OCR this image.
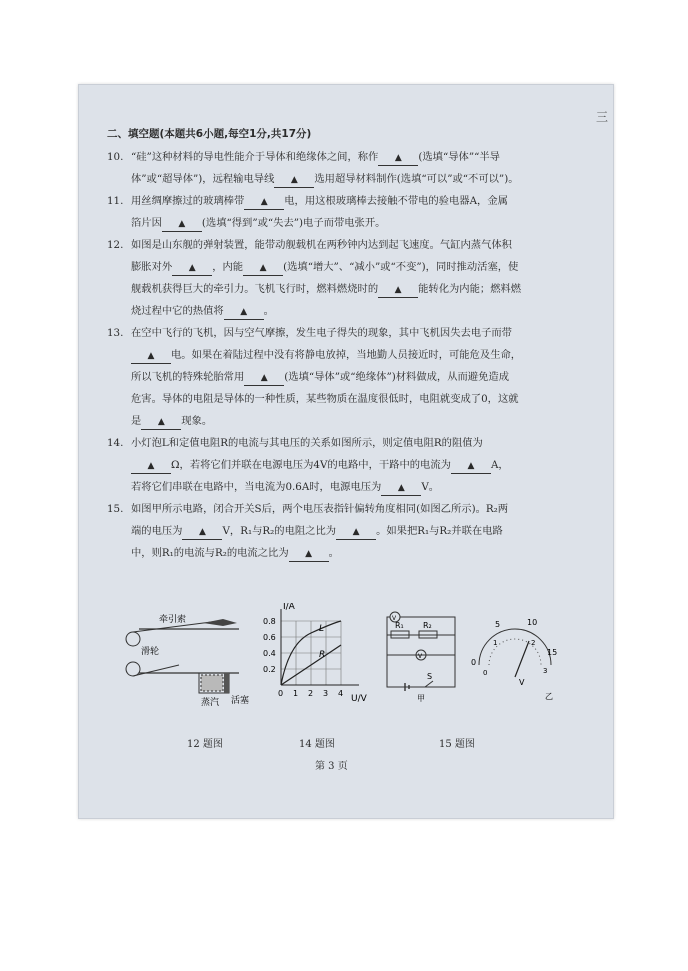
二、填空题(本题共6小题,每空1分,共17分)
10. “硅”这种材料的导电性能介于导体和绝缘体之间，称作 ▲ (选填“导体”“半导

体”或“超导体”)，远程输电导线 ▲ 选用超导材料制作(选填“可以”或“不可以”)。

11. 用丝绸摩擦过的玻璃棒带 ▲ 电，用这根玻璃棒去接触不带电的验电器A，金属

箔片因 ▲ (选填“得到”或“失去”)电子而带电张开。

12. 如图是山东舰的弹射装置，能带动舰载机在两秒钟内达到起飞速度。气缸内蒸气体积

膨胀对外 ▲ ，内能 ▲ (选填“增大”、“减小”或“不变”)，同时推动活塞，使

舰载机获得巨大的牵引力。飞机飞行时，燃料燃烧时的 ▲ 能转化为内能；燃料燃

烧过程中它的热值将 ▲ 。

13. 在空中飞行的飞机，因与空气摩擦，发生电子得失的现象，其中飞机因失去电子而带

▲ 电。如果在着陆过程中没有将静电放掉，当地勤人员接近时，可能危及生命，

所以飞机的特殊轮胎常用 ▲ (选填“导体”或“绝缘体”)材料做成，从而避免造成

危害。导体的电阻是导体的一种性质，某些物质在温度很低时，电阻就变成了0，这就

是 ▲ 现象。

14. 小灯泡L和定值电阻R的电流与其电压的关系如图所示，则定值电阻R的阻值为

▲ Ω，若将它们并联在电源电压为4V的电路中，干路中的电流为 ▲ A，

若将它们串联在电路中，当电流为0.6A时，电源电压为 ▲ V。

15. 如图甲所示电路，闭合开关S后，两个电压表指针偏转角度相同(如图乙所示)。R₂两

端的电压为 ▲ V，R₁与R₂的电阻之比为 ▲ 。如果把R₁与R₂并联在电路

中，则R₁的电流与R₂的电流之比为 ▲ 。

牵引索
滑轮
蒸汽 活塞
I/A
U/V
L
R
0.8
0.6
0.4
0.2
0 1 2 3 4
R₁ R₂
V
V
S
甲
5	10
0
15
1	2
0	3
V
乙
12 题图	14 题图	15 题图
第 3 页
三
